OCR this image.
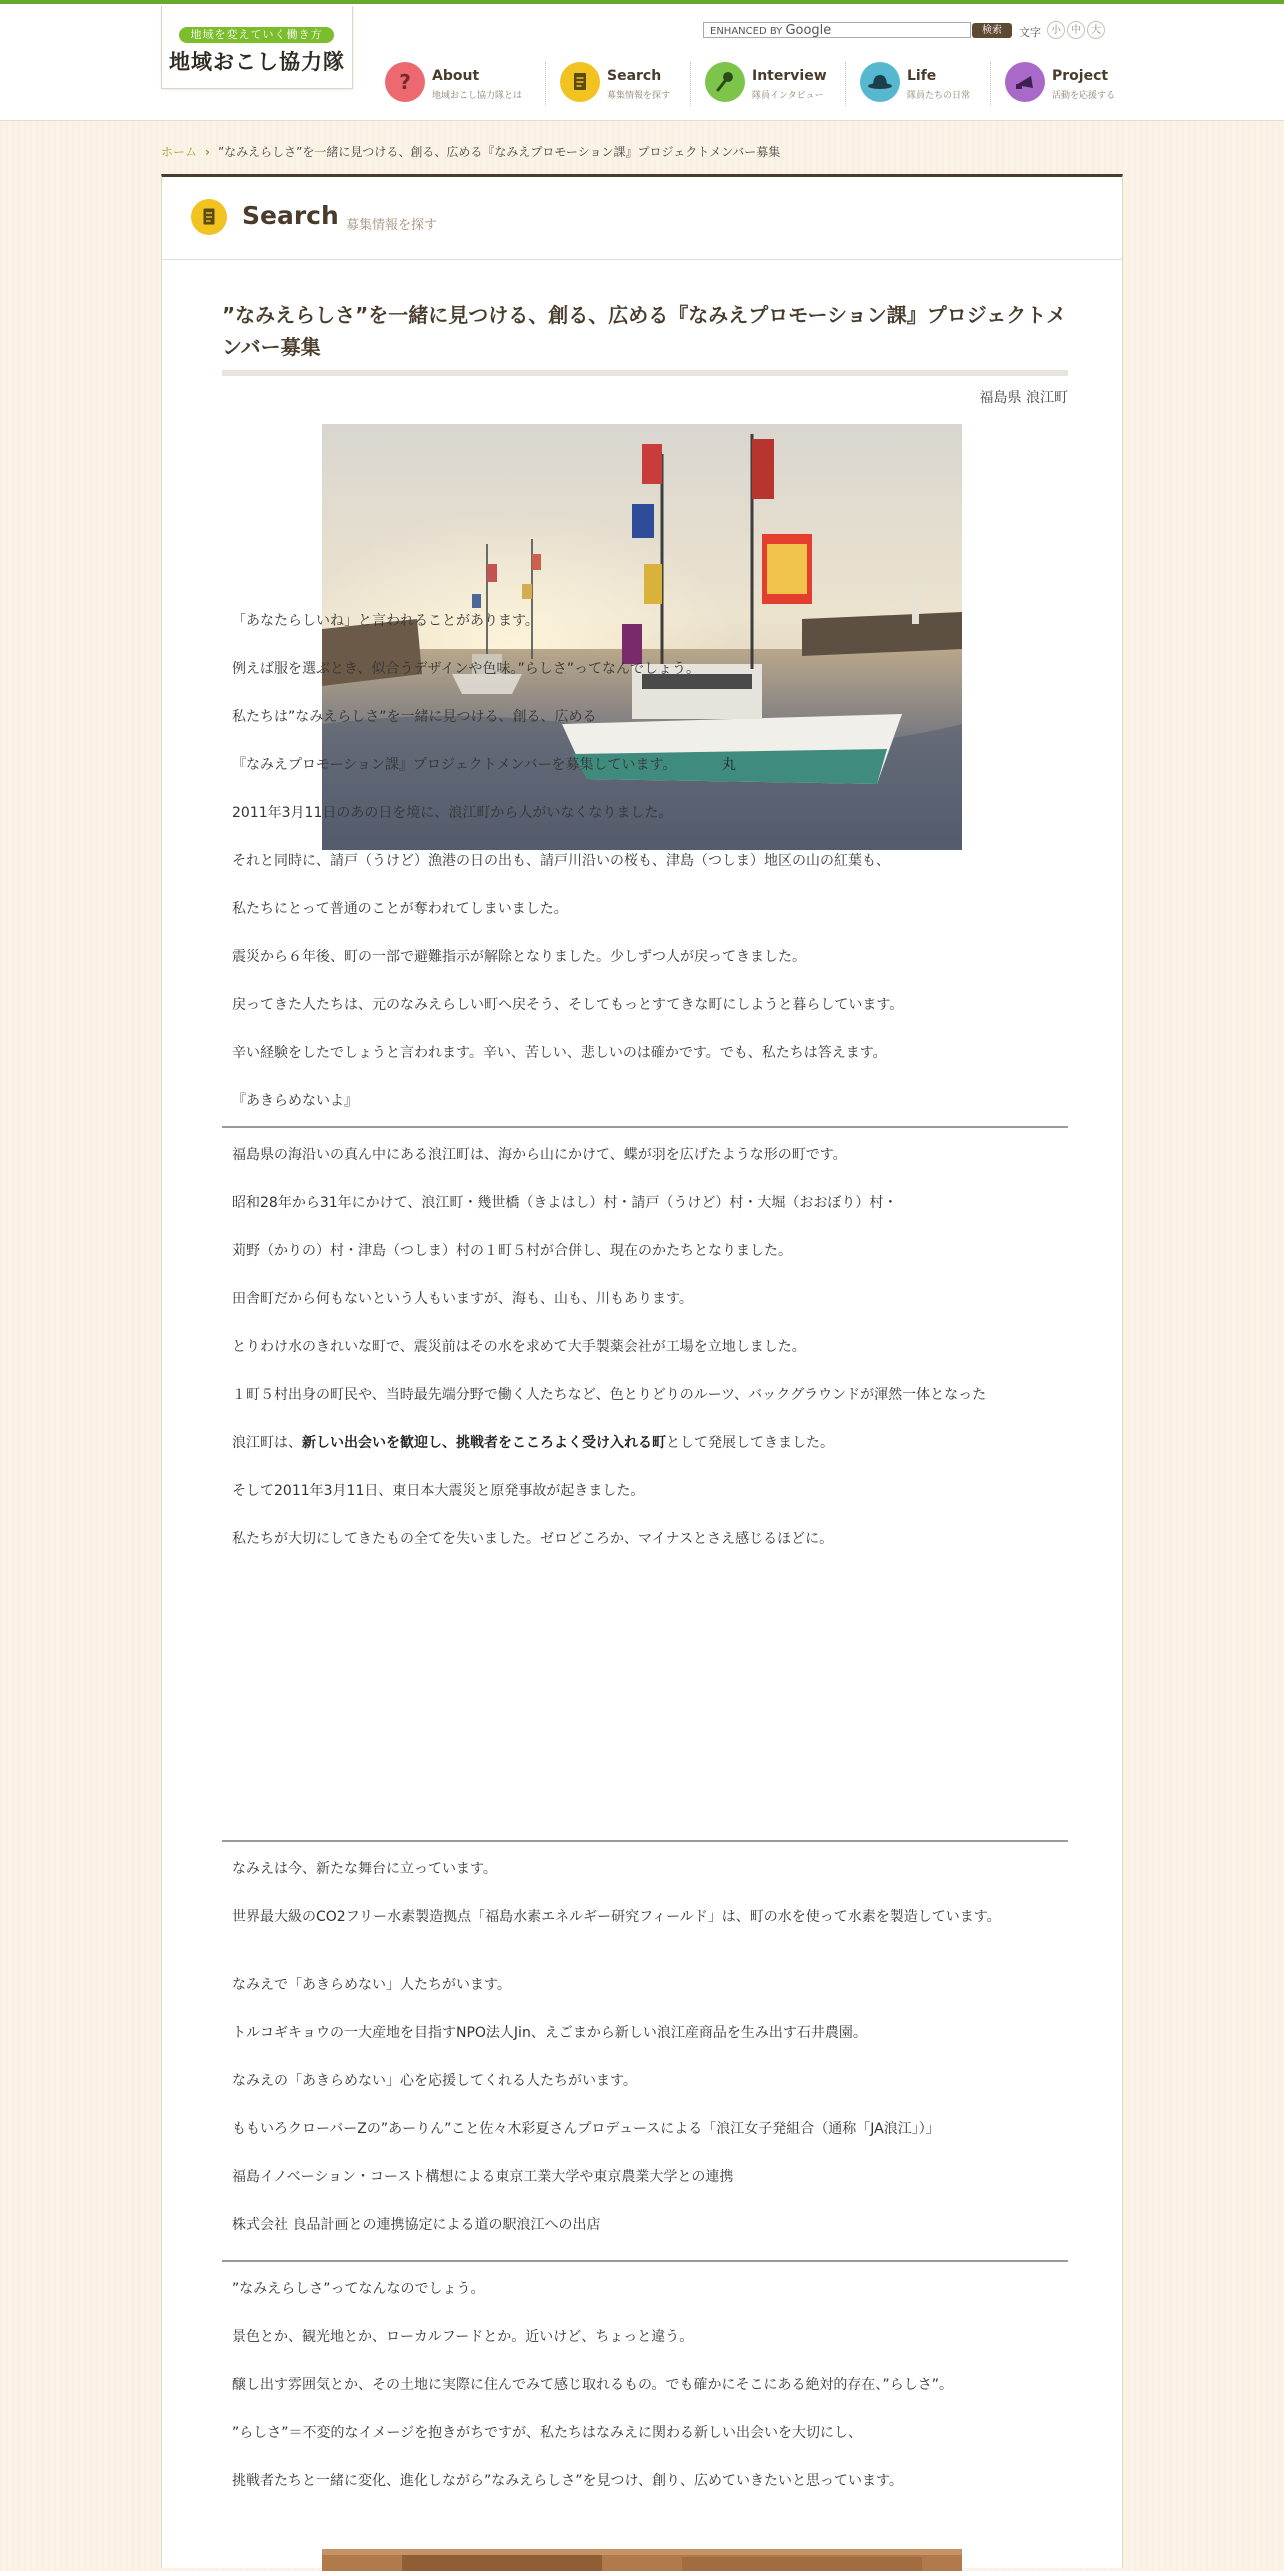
地域を変えていく働き方
地域おこし協力隊
ENHANCED BY Google	検索	文字	小	中	大
? About
地域おこし協力隊とは
Search
募集情報を探す
Interview
隊員インタビュー
Life
隊員たちの日常
Project
活動を応援する
ホーム › ”なみえらしさ”を一緒に見つける、創る、広める『なみえプロモーション課』プロジェクトメンバー募集
Search 募集情報を探す
”なみえらしさ”を一緒に見つける、創る、広める『なみえプロモーション課』プロジェクトメンバー募集
福島県 浪江町
丸

「あなたらしいね」と言われることがあります。

例えば服を選ぶとき、似合うデザインや色味。”らしさ”ってなんでしょう。

私たちは”なみえらしさ”を一緒に見つける、創る、広める

『なみえプロモーション課』プロジェクトメンバーを募集しています。

2011年3月11日のあの日を境に、浪江町から人がいなくなりました。

それと同時に、請戸（うけど）漁港の日の出も、請戸川沿いの桜も、津島（つしま）地区の山の紅葉も、

私たちにとって普通のことが奪われてしまいました。

震災から６年後、町の一部で避難指示が解除となりました。少しずつ人が戻ってきました。

戻ってきた人たちは、元のなみえらしい町へ戻そう、そしてもっとすてきな町にしようと暮らしています。

辛い経験をしたでしょうと言われます。辛い、苦しい、悲しいのは確かです。でも、私たちは答えます。

『あきらめないよ』

福島県の海沿いの真ん中にある浪江町は、海から山にかけて、蝶が羽を広げたような形の町です。

昭和28年から31年にかけて、浪江町・幾世橋（きよはし）村・請戸（うけど）村・大堀（おおぼり）村・

苅野（かりの）村・津島（つしま）村の１町５村が合併し、現在のかたちとなりました。

田舎町だから何もないという人もいますが、海も、山も、川もあります。

とりわけ水のきれいな町で、震災前はその水を求めて大手製薬会社が工場を立地しました。

１町５村出身の町民や、当時最先端分野で働く人たちなど、色とりどりのルーツ、バックグラウンドが渾然一体となった

浪江町は、新しい出会いを歓迎し、挑戦者をこころよく受け入れる町として発展してきました。

そして2011年3月11日、東日本大震災と原発事故が起きました。

私たちが大切にしてきたもの全てを失いました。ゼロどころか、マイナスとさえ感じるほどに。

なみえは今、新たな舞台に立っています。

世界最大級のCO2フリー水素製造拠点「福島水素エネルギー研究フィールド」は、町の水を使って水素を製造しています。

なみえで「あきらめない」人たちがいます。

トルコギキョウの一大産地を目指すNPO法人Jin、えごまから新しい浪江産商品を生み出す石井農園。

なみえの「あきらめない」心を応援してくれる人たちがいます。

ももいろクローバーZの”あーりん”こと佐々木彩夏さんプロデュースによる「浪江女子発組合（通称「JA浪江」）」

福島イノベーション・コースト構想による東京工業大学や東京農業大学との連携

株式会社 良品計画との連携協定による道の駅浪江への出店

”なみえらしさ”ってなんなのでしょう。

景色とか、観光地とか、ローカルフードとか。近いけど、ちょっと違う。

醸し出す雰囲気とか、その土地に実際に住んでみて感じ取れるもの。でも確かにそこにある絶対的存在、”らしさ”。

”らしさ”＝不変的なイメージを抱きがちですが、私たちはなみえに関わる新しい出会いを大切にし、

挑戦者たちと一緒に変化、進化しながら”なみえらしさ”を見つけ、創り、広めていきたいと思っています。
